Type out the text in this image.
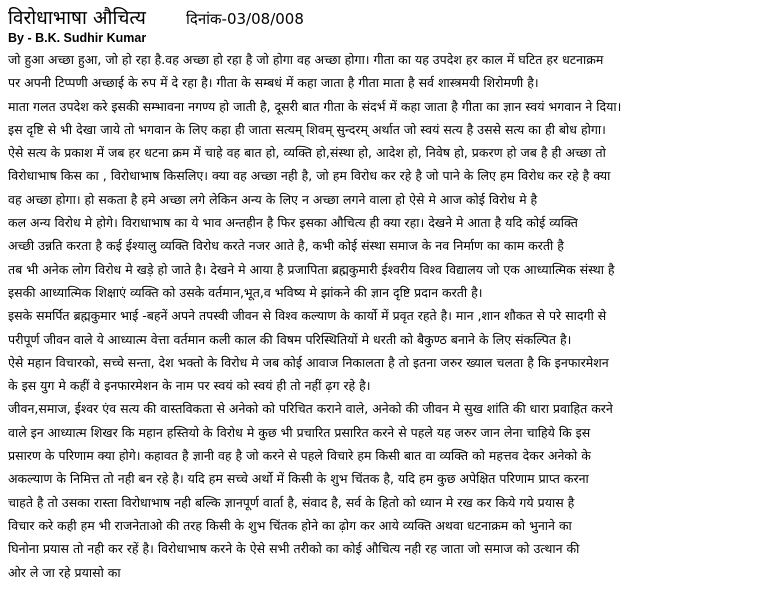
विरोधाभाषा औचित्य	दिनांक-03/08/008
By - B.K. Sudhir Kumar
जो हुआ अच्छा हुआ, जो हो रहा है.वह अच्छा हो रहा है जो होगा वह अच्छा होगा। गीता का यह उपदेश हर काल में घटित हर धटनाक्रम
पर अपनी टिप्पणी अच्छाई के रुप में दे रहा है। गीता के सम्बधं में कहा जाता है गीता माता है सर्व शास्त्रमयी शिरोमणी है।
माता गलत उपदेश करे इसकी सम्भावना नगण्य हो जाती है, दूसरी बात गीता के संदर्भ में कहा जाता है गीता का ज्ञान स्वयं भगवान ने दिया।
इस दृष्टि से भी देखा जाये तो भगवान के लिए कहा ही जाता सत्यम् शिवम् सुन्दरम् अर्थात जो स्वयं सत्य है उससे सत्य का ही बोध होगा।
ऐसे सत्य के प्रकाश में जब हर धटना क्रम में चाहे वह बात हो, व्यक्ति हो,संस्था हो, आदेश हो, निवेष हो, प्रकरण हो जब है ही अच्छा तो
विरोधाभाष किस का , विरोधाभाष किसलिए। क्या वह अच्छा नही है, जो हम विरोध कर रहे है जो पाने के लिए हम विरोध कर रहे है क्या
वह अच्छा होगा। हो सकता है हमे अच्छा लगे लेकिन अन्य के लिए न अच्छा लगने वाला हो ऐसे मे आज कोई विरोध मे है
कल अन्य विरोध मे होगे। विराधाभाष का ये भाव अन्तहीन है फिर इसका औचित्य ही क्या रहा। देखने मे आता है यदि कोई व्यक्ति
अच्छी उन्नति करता है कई ईश्यालु व्यक्ति विरोध करते नजर आते है, कभी कोई संस्था समाज के नव निर्माण का काम करती है
तब भी अनेक लोग विरोध मे खड़े हो जाते है। देखने मे आया है प्रजापिता ब्रह्मकुमारी ईश्वरीय विश्व विद्यालय जो एक आध्यात्मिक संस्था है
इसकी आध्यात्मिक शिक्षाएं व्यक्ति को उसके वर्तमान,भूत,व भविष्य मे झांकने की ज्ञान दृष्टि प्रदान करती है।
इसके समर्पित ब्रह्मकुमार भाई -बहनें अपने तपस्वी जीवन से विश्व कल्याण के कार्यो में प्रवृत रहते है। मान ,शान शौकत से परे सादगी से
परीपूर्ण जीवन वाले ये आध्यात्म वेत्ता वर्तमान कली काल की विषम परिस्थितियों मे धरती को बैकुण्ठ बनाने के लिए संकल्पित है।
ऐसे महान विचारको, सच्चे सन्ता, देश भक्तो के विरोध मे जब कोई आवाज निकालता है तो इतना जरुर ख्याल चलता है कि इनफारमेशन
के इस युग मे कहीं वे इनफारमेशन के नाम पर स्वयं को स्वयं ही तो नहीं ढ़ग रहे है।
जीवन,समाज, ईश्वर एंव सत्य की वास्तविकता से अनेको को परिचित कराने वाले, अनेको की जीवन मे सुख शांति की धारा प्रवाहित करने
वाले इन आध्यात्म शिखर कि महान हस्तियो के विरोध मे कुछ भी प्रचारित प्रसारित करने से पहले यह जरुर जान लेना चाहिये कि इस
प्रसारण के परिणाम क्या होगे। कहावत है ज्ञानी वह है जो करने से पहले विचारे हम किसी बात वा व्यक्ति को महत्तव देकर अनेको के
अकल्याण के निमित्त तो नही बन रहे है। यदि हम सच्चे अर्थो में किसी के शुभ चिंतक है, यदि हम कुछ अपेक्षित परिणाम प्राप्त करना
चाहते है तो उसका रास्ता विरोधाभाष नही बल्कि ज्ञानपूर्ण वार्ता है, संवाद है, सर्व के हितो को ध्यान मे रख कर किये गये प्रयास है
विचार करे कही हम भी राजनेताओ की तरह किसी के शुभ चिंतक होने का ढ़ोग कर आये व्यक्ति अथवा धटनाक्रम को भुनाने का
घिनोना प्रयास तो नही कर रहें है। विरोधाभाष करने के ऐसे सभी तरीको का कोई औचित्य नही रह जाता जो समाज को उत्थान की
ओर ले जा रहे प्रयासो का
